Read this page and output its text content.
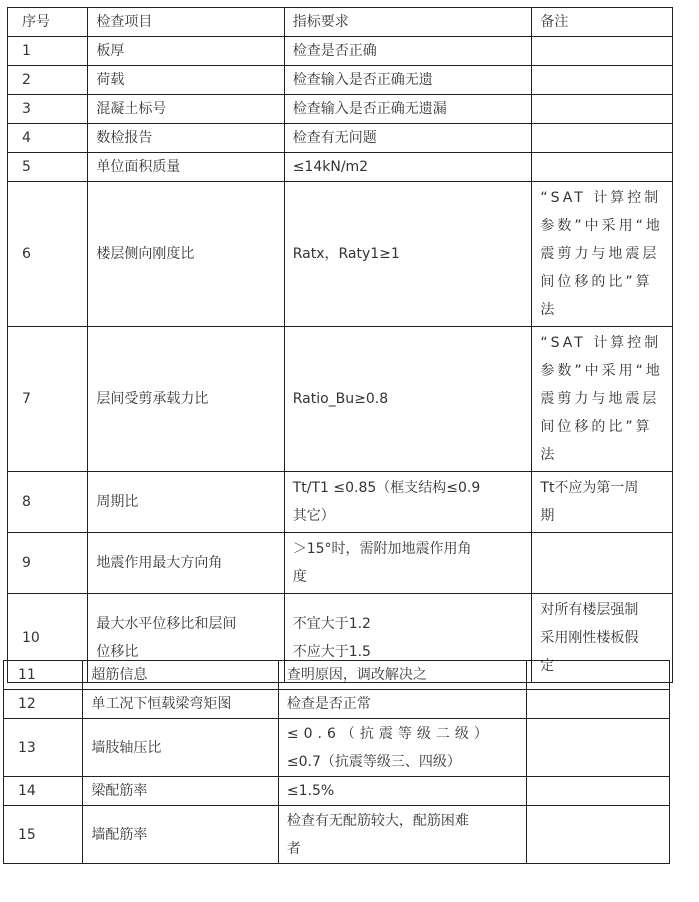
序号	检查项目	指标要求	备注
1	板厚	检查是否正确	
2	荷载	检查输入是否正确无遗	
3	混凝土标号	检查输入是否正确无遗漏	
4	数检报告	检查有无问题	
5	单位面积质量	≤14kN/m2	
6	楼层侧向刚度比	Ratx，Raty1≥1	“SAT 计算控制
参数”中采用“地
震剪力与地震层
间位移的比”算
法

7	层间受剪承载力比	Ratio_Bu≥0.8	“SAT 计算控制
参数”中采用“地
震剪力与地震层
间位移的比”算
法

8	周期比	Tt/T1 ≤0.85（框支结构≤0.9
其它）	Tt不应为第一周
期

9	地震作用最大方向角	＞15°时，需附加地震作用角
度	

10	最大水平位移比和层间
位移比	不宜大于1.2
不应大于1.5	对所有楼层强制
采用刚性楼板假
定
11	超筋信息	查明原因，调改解决之	
12	单工况下恒载梁弯矩图	检查是否正常	
13	墙肢轴压比	≤0.6（抗震等级二级）
≤0.7（抗震等级三、四级）	

14	梁配筋率	≤1.5%	
15	墙配筋率	检查有无配筋较大，配筋困难
者	
